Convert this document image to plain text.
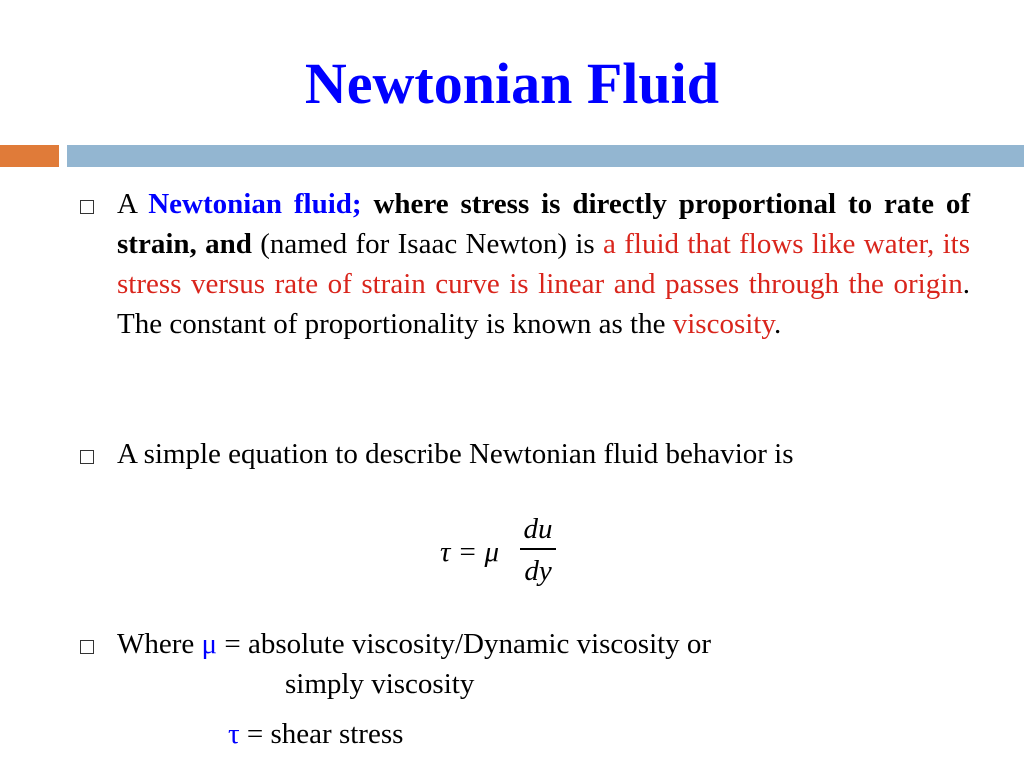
Newtonian Fluid
A Newtonian fluid; where stress is directly proportional to rate of strain, and (named for Isaac Newton) is a fluid that flows like water, its stress versus rate of strain curve is linear and passes through the origin. The constant of proportionality is known as the viscosity.
A simple equation to describe Newtonian fluid behavior is
τ = μ
du
dy
Where μ = absolute viscosity/Dynamic viscosity or
simply viscosity
τ = shear stress
